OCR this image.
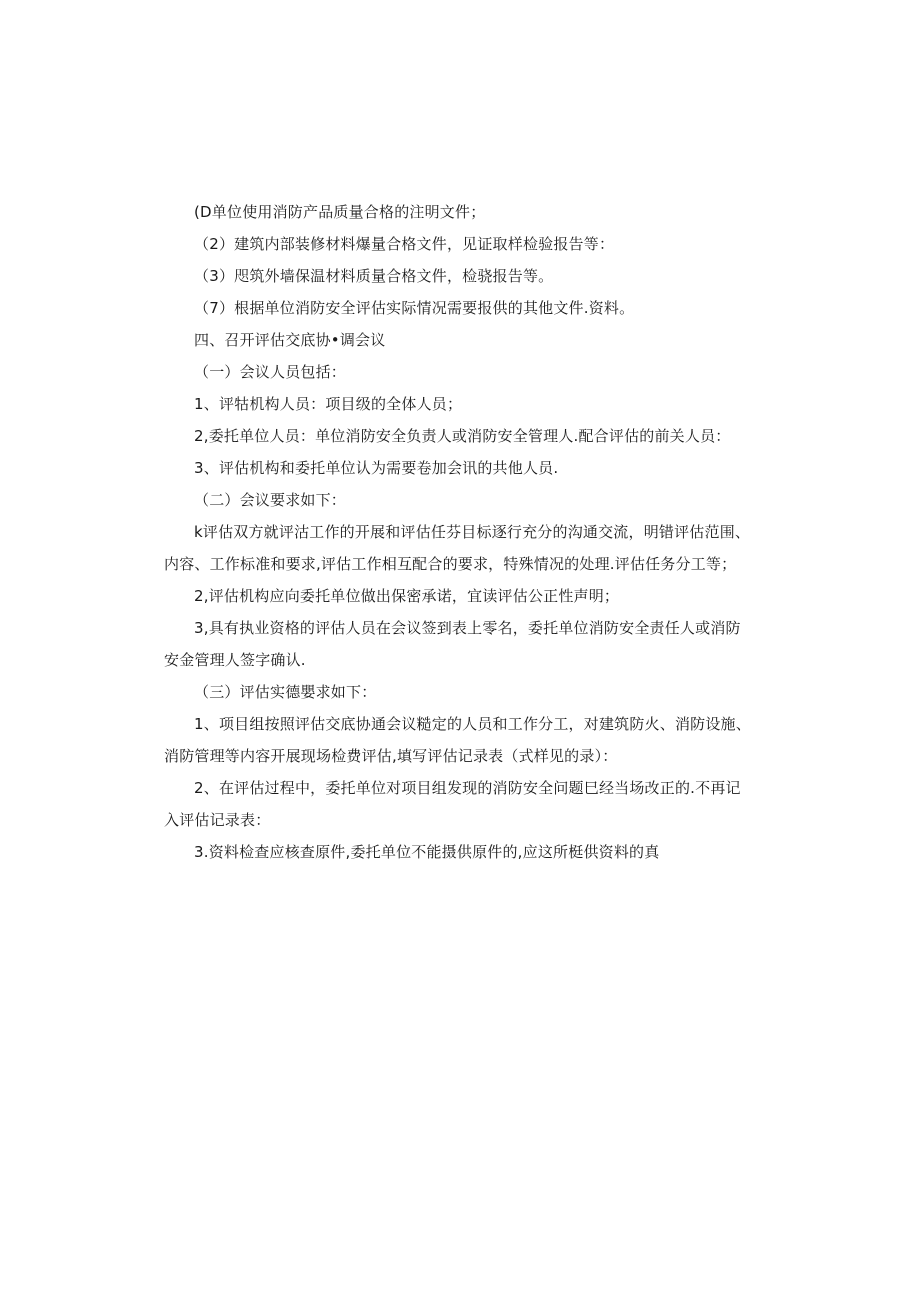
(D单位使用消防产品质量合格的注明文件；
（2）建筑内部装修材料爆量合格文件，见证取样检验报告等：
（3）咫筑外墙保温材料质量合格文件，检骁报告等。
（7）根据单位消防安全评估实际情况需要报供的其他文件.资料。
四、召开评估交底协•调会议
（一）会议人员包括：
1、评牯机构人员：项目级的全体人员；
2,委托单位人员：单位消防安全负责人或消防安全管理人.配合评估的前关人员：
3、评估机构和委托单位认为需要卷加会讯的共他人员.
（二）会议要求如下：
k评估双方就评沽工作的开展和评估任芬目标逐行充分的沟通交流，明错评估范围、
内容、工作标准和要求,评估工作相互配合的要求，特殊情况的处理.评估任务分工等；
2,评估机构应向委托单位做出保密承诺，宜读评估公正性声明；
3,具有执业资格的评估人员在会议签到表上零名，委托单位消防安全责任人或消防
安金管理人签字确认.
（三）评估实德嬰求如下：
1、项目组按照评估交底协通会议糙定的人员和工作分工，对建筑防火、消防设施、
消防管理等内容开展现场检费评估,填写评估记录表（式样见的录）：
2、在评估过程中，委托单位对项目组发现的消防安全问题巳经当场改正的.不再记
入评估记录表：
3.资料检查应核查原件,委托单位不能摄供原件的,应这所梃供资料的真
